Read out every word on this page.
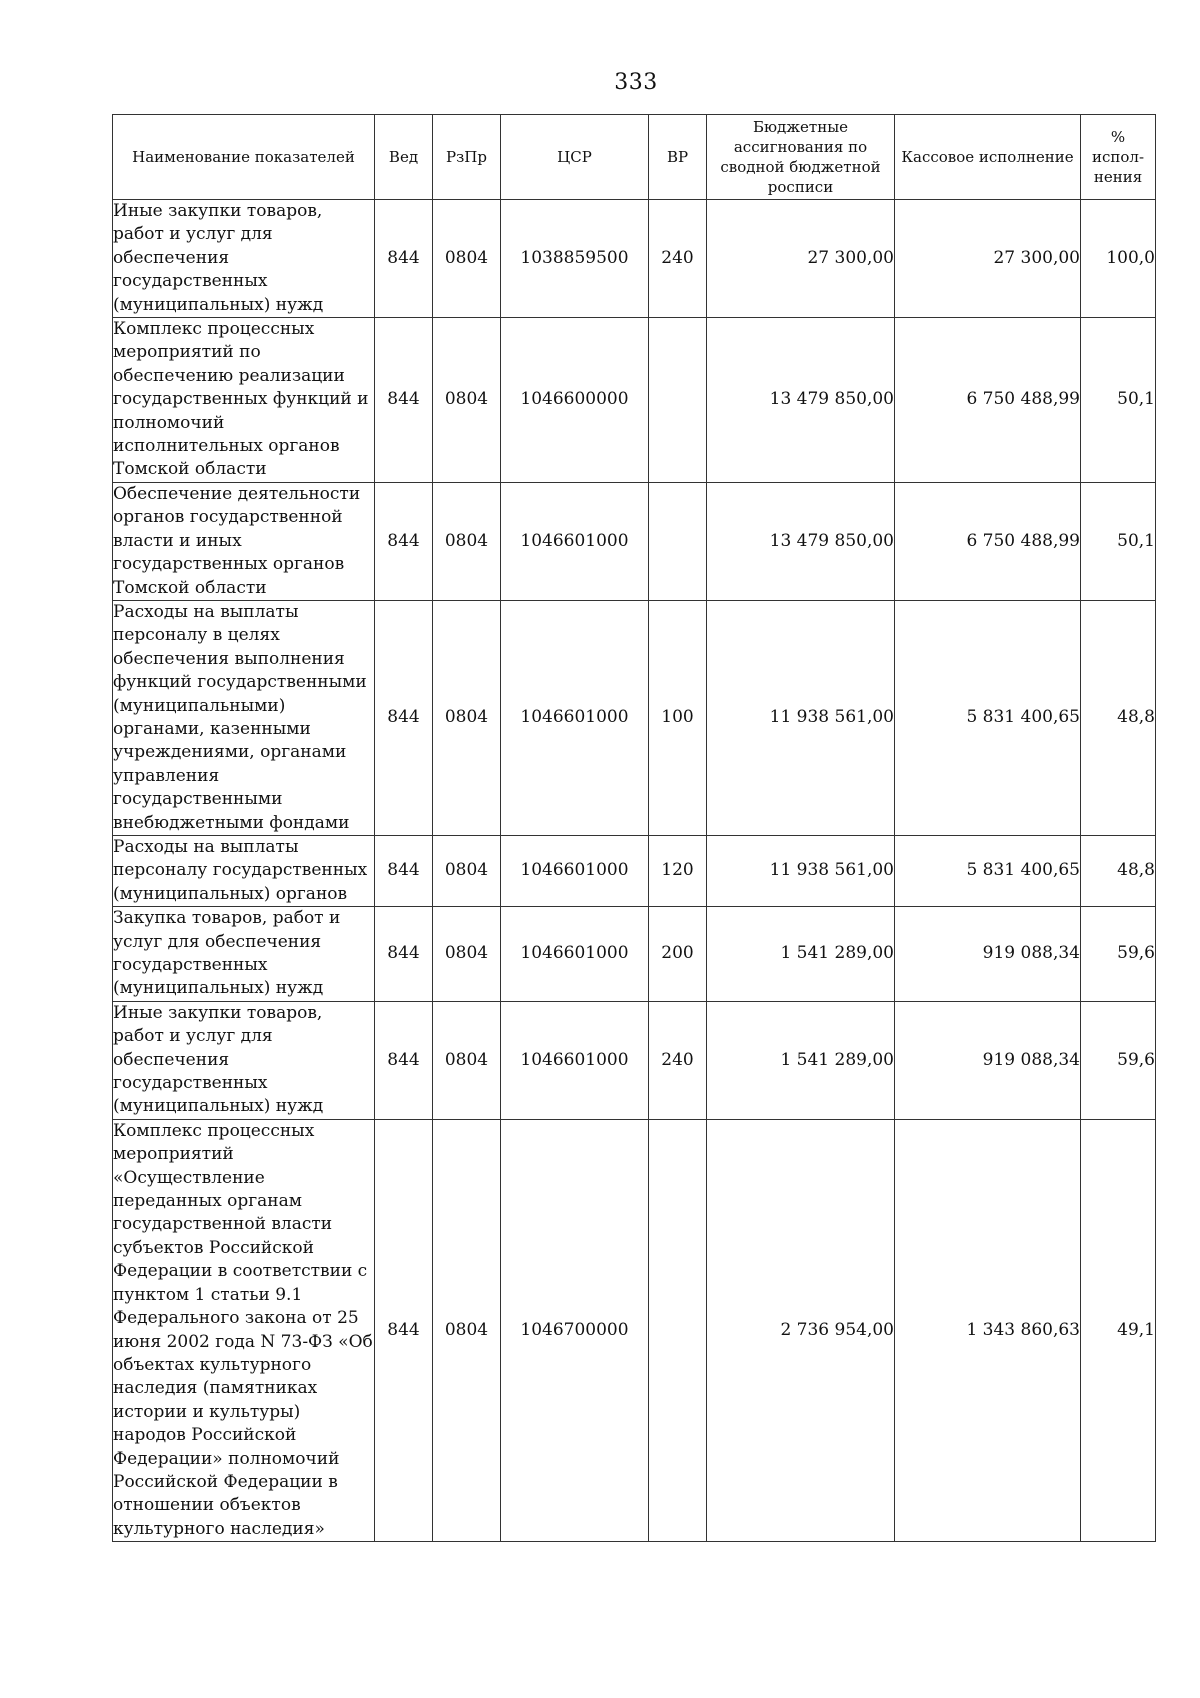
333
Наименование показателей	Вед	РзПр	ЦСР	ВР	Бюджетные ассигнования по сводной бюджетной росписи	Кассовое исполнение	% испол-нения
Иные закупки товаров, работ и услуг для обеспечения государственных (муниципальных) нужд	844	0804	1038859500	240	27 300,00	27 300,00	100,0
Комплекс процессных мероприятий по обеспечению реализации государственных функций и полномочий исполнительных органов Томской области	844	0804	1046600000		13 479 850,00	6 750 488,99	50,1
Обеспечение деятельности органов государственной власти и иных государственных органов Томской области	844	0804	1046601000		13 479 850,00	6 750 488,99	50,1
Расходы на выплаты персоналу в целях обеспечения выполнения функций государственными (муниципальными) органами, казенными учреждениями, органами управления государственными внебюджетными фондами	844	0804	1046601000	100	11 938 561,00	5 831 400,65	48,8
Расходы на выплаты персоналу государственных (муниципальных) органов	844	0804	1046601000	120	11 938 561,00	5 831 400,65	48,8
Закупка товаров, работ и услуг для обеспечения государственных (муниципальных) нужд	844	0804	1046601000	200	1 541 289,00	919 088,34	59,6
Иные закупки товаров, работ и услуг для обеспечения государственных (муниципальных) нужд	844	0804	1046601000	240	1 541 289,00	919 088,34	59,6
Комплекс процессных мероприятий «Осуществление переданных органам государственной власти субъектов Российской Федерации в соответствии с пунктом 1 статьи 9.1 Федерального закона от 25 июня 2002 года N 73-ФЗ «Об объектах культурного наследия (памятниках истории и культуры) народов Российской Федерации» полномочий Российской Федерации в отношении объектов культурного наследия»	844	0804	1046700000		2 736 954,00	1 343 860,63	49,1
